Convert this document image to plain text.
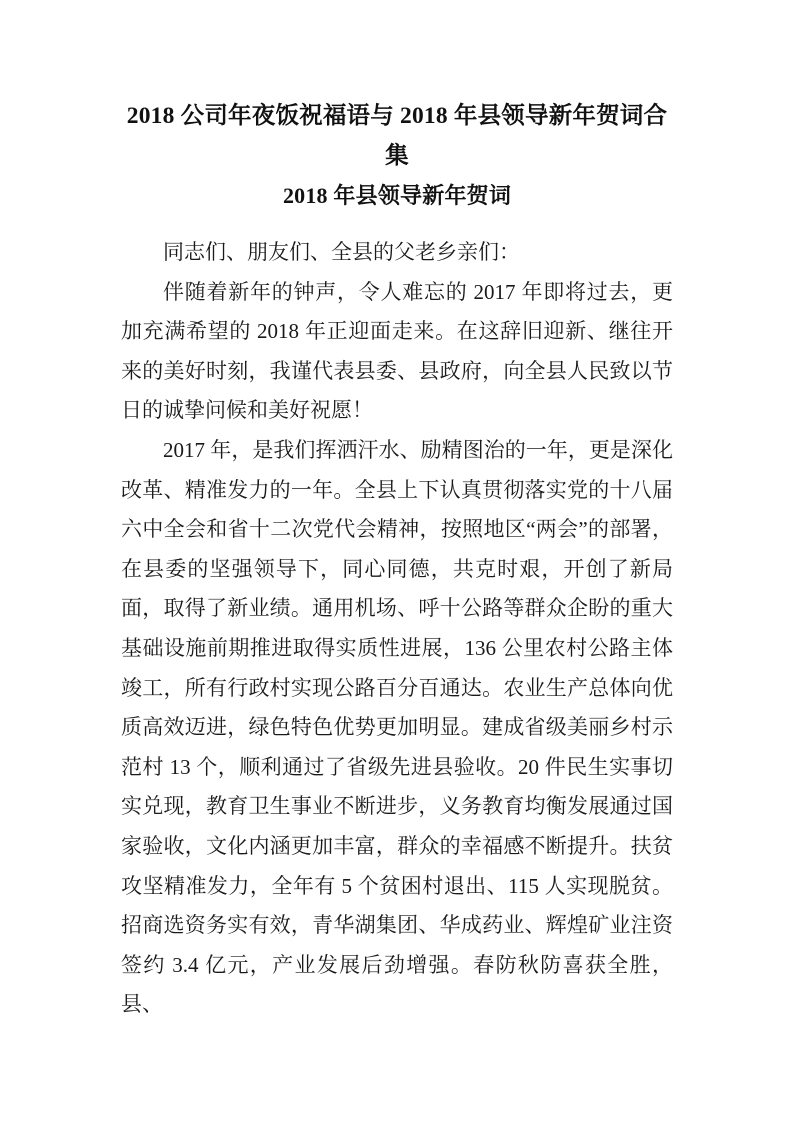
2018 公司年夜饭祝福语与 2018 年县领导新年贺词合集
2018 年县领导新年贺词

同志们、朋友们、全县的父老乡亲们：

伴随着新年的钟声，令人难忘的 2017 年即将过去，更加充满希望的 2018 年正迎面走来。在这辞旧迎新、继往开来的美好时刻，我谨代表县委、县政府，向全县人民致以节日的诚挚问候和美好祝愿！

2017 年，是我们挥洒汗水、励精图治的一年，更是深化改革、精准发力的一年。全县上下认真贯彻落实党的十八届六中全会和省十二次党代会精神，按照地区“两会”的部署，在县委的坚强领导下，同心同德，共克时艰，开创了新局面，取得了新业绩。通用机场、呼十公路等群众企盼的重大基础设施前期推进取得实质性进展，136 公里农村公路主体竣工，所有行政村实现公路百分百通达。农业生产总体向优质高效迈进，绿色特色优势更加明显。建成省级美丽乡村示范村 13 个，顺利通过了省级先进县验收。20 件民生实事切实兑现，教育卫生事业不断进步，义务教育均衡发展通过国家验收，文化内涵更加丰富，群众的幸福感不断提升。扶贫攻坚精准发力，全年有 5 个贫困村退出、115 人实现脱贫。招商选资务实有效，青华湖集团、华成药业、辉煌矿业注资签约 3.4 亿元，产业发展后劲增强。春防秋防喜获全胜，县、
